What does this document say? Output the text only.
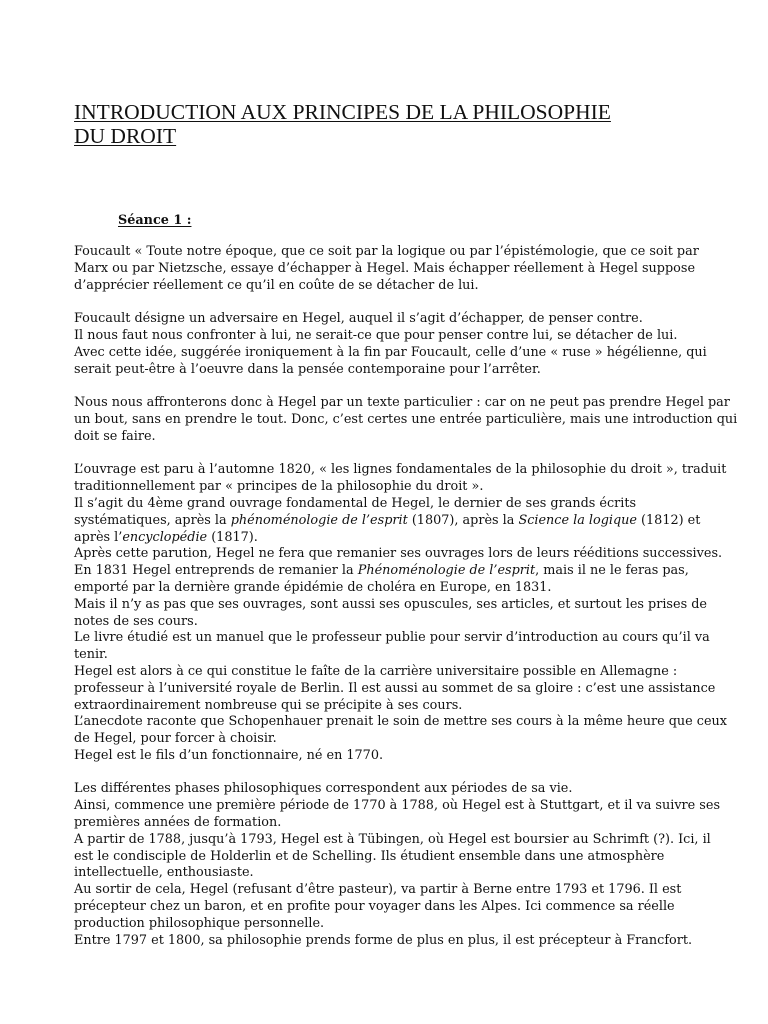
INTRODUCTION AUX PRINCIPES DE LA PHILOSOPHIE
DU DROIT
Séance 1 :
Foucault « Toute notre époque, que ce soit par la logique ou par l’épistémologie, que ce soit par
Marx ou par Nietzsche, essaye d’échapper à Hegel. Mais échapper réellement à Hegel suppose
d’apprécier réellement ce qu’il en coûte de se détacher de lui.
Foucault désigne un adversaire en Hegel, auquel il s’agit d’échapper, de penser contre.
Il nous faut nous confronter à lui, ne serait-ce que pour penser contre lui, se détacher de lui.
Avec cette idée, suggérée ironiquement à la fin par Foucault, celle d’une « ruse » hégélienne, qui
serait peut-être à l’oeuvre dans la pensée contemporaine pour l’arrêter.
Nous nous affronterons donc à Hegel par un texte particulier : car on ne peut pas prendre Hegel par
un bout, sans en prendre le tout. Donc, c’est certes une entrée particulière, mais une introduction qui
doit se faire.
L’ouvrage est paru à l’automne 1820, « les lignes fondamentales de la philosophie du droit », traduit
traditionnellement par « principes de la philosophie du droit ».
Il s’agit du 4ème grand ouvrage fondamental de Hegel, le dernier de ses grands écrits
systématiques, après la phénoménologie de l’esprit (1807), après la Science la logique (1812) et
après l’encyclopédie (1817).
Après cette parution, Hegel ne fera que remanier ses ouvrages lors de leurs rééditions successives.
En 1831 Hegel entreprends de remanier la Phénoménologie de l’esprit, mais il ne le feras pas,
emporté par la dernière grande épidémie de choléra en Europe, en 1831.
Mais il n’y as pas que ses ouvrages, sont aussi ses opuscules, ses articles, et surtout les prises de
notes de ses cours.
Le livre étudié est un manuel que le professeur publie pour servir d’introduction au cours qu’il va
tenir.
Hegel est alors à ce qui constitue le faîte de la carrière universitaire possible en Allemagne :
professeur à l’université royale de Berlin. Il est aussi au sommet de sa gloire : c’est une assistance
extraordinairement nombreuse qui se précipite à ses cours.
L’anecdote raconte que Schopenhauer prenait le soin de mettre ses cours à la même heure que ceux
de Hegel, pour forcer à choisir.
Hegel est le fils d’un fonctionnaire, né en 1770.
Les différentes phases philosophiques correspondent aux périodes de sa vie.
Ainsi, commence une première période de 1770 à 1788, où Hegel est à Stuttgart, et il va suivre ses
premières années de formation.
A partir de 1788, jusqu’à 1793, Hegel est à Tübingen, où Hegel est boursier au Schrimft (?). Ici, il
est le condisciple de Holderlin et de Schelling. Ils étudient ensemble dans une atmosphère
intellectuelle, enthousiaste.
Au sortir de cela, Hegel (refusant d’être pasteur), va partir à Berne entre 1793 et 1796. Il est
précepteur chez un baron, et en profite pour voyager dans les Alpes. Ici commence sa réelle
production philosophique personnelle.
Entre 1797 et 1800, sa philosophie prends forme de plus en plus, il est précepteur à Francfort.
